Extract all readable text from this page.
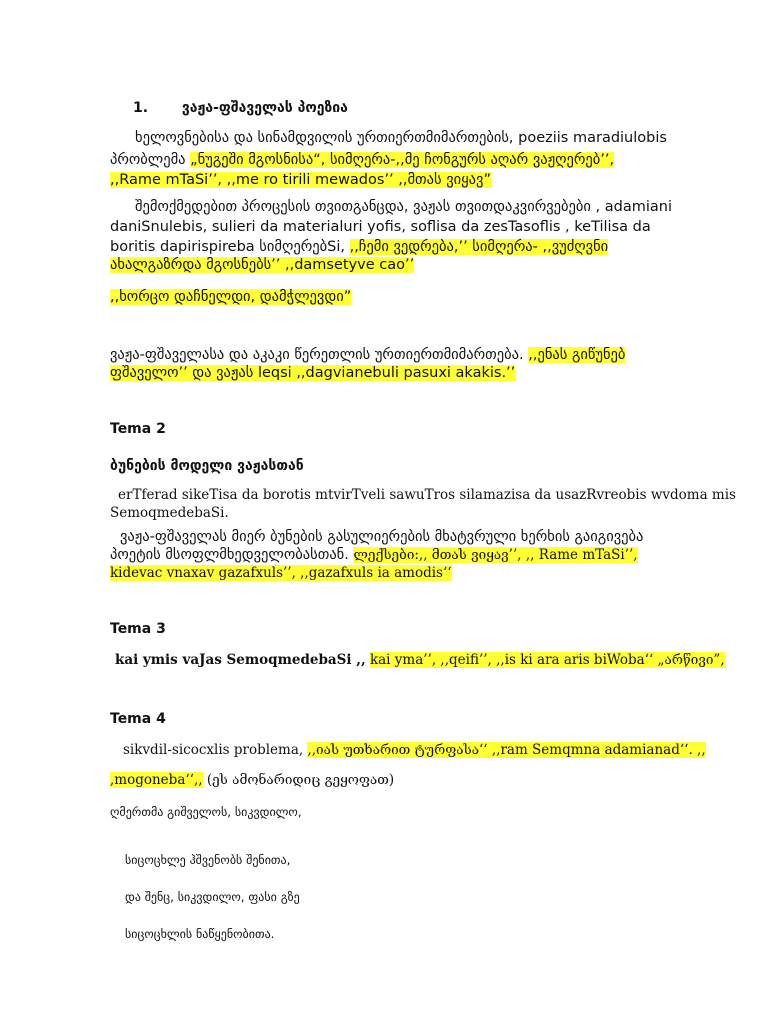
1. ვაჟა-ფშაველას პოეზია
ხელოვნებისა და სინამდვილის ურთიერთმიმართების, poeziis maradiulobis
პრობლემა „ნუგეში მგოსნისა“, სიმღერა-,,მე ჩონგურს აღარ ვაჟღერებ’’,
,,Rame mTaSi’’, ,,me ro tirili mewados’’ ,,მთას ვიყავ”
შემოქმედებით პროცესის თვითგანცდა, ვაჟას თვითდაკვირვებები , adamiani
daniSnulebis, sulieri da materialuri yofis, soflisa da zesTasoflis , keTilisa da
boritis dapirispireba სიმღერებSi, ,,ჩემი ვედრება,’’ სიმღერა- ,,ვუძღვნი
ახალგაზრდა მგოსნებს’’ ,,damsetyve cao’’
,,ხორცო დაჩნელდი, დამჭლევდი”
ვაჟა-ფშაველასა და აკაკი წერეთლის ურთიერთმიმართება. ,,ენას გიწუნებ
ფშაველო’’ და ვაჟას leqsi ,,dagvianebuli pasuxi akakis.’’
Tema 2
ბუნების მოდელი ვაჟასთან
erTferad sikeTisa da borotis mtvirTveli sawuTros silamazisa da usazRvreobis wvdoma mis
SemoqmedebaSi.
ვაჟა-ფშაველას მიერ ბუნების გასულიერების მხატვრული ხერხის გაიგივება
პოეტის მსოფლმხედველობასთან. ლექსები:,, მთას ვიყავ’’, ,, Rame mTaSi’’,
kidevac vnaxav gazafxuls’’, ,,gazafxuls ia amodis‘‘
Tema 3
kai ymis vaJas SemoqmedebaSi ,, kai yma’’, ,,qeifi’’, ,,is ki ara aris biWoba‘‘ „არწივი”,
Tema 4
sikvdil-sicocxlis problema, ,,იას უთხარით ტურფასა‘‘ ,,ram Semqmna adamianad‘‘. ,,
,mogoneba‘‘,, (ეს ამონარიდიც გეყოფათ)
ღმერთმა გიშველოს, სიკვდილო,
სიცოცხლე ჰშვენობს შენითა,
და შენც, სიკვდილო, ფასი გზე
სიცოცხლის ნაწყენობითა.
